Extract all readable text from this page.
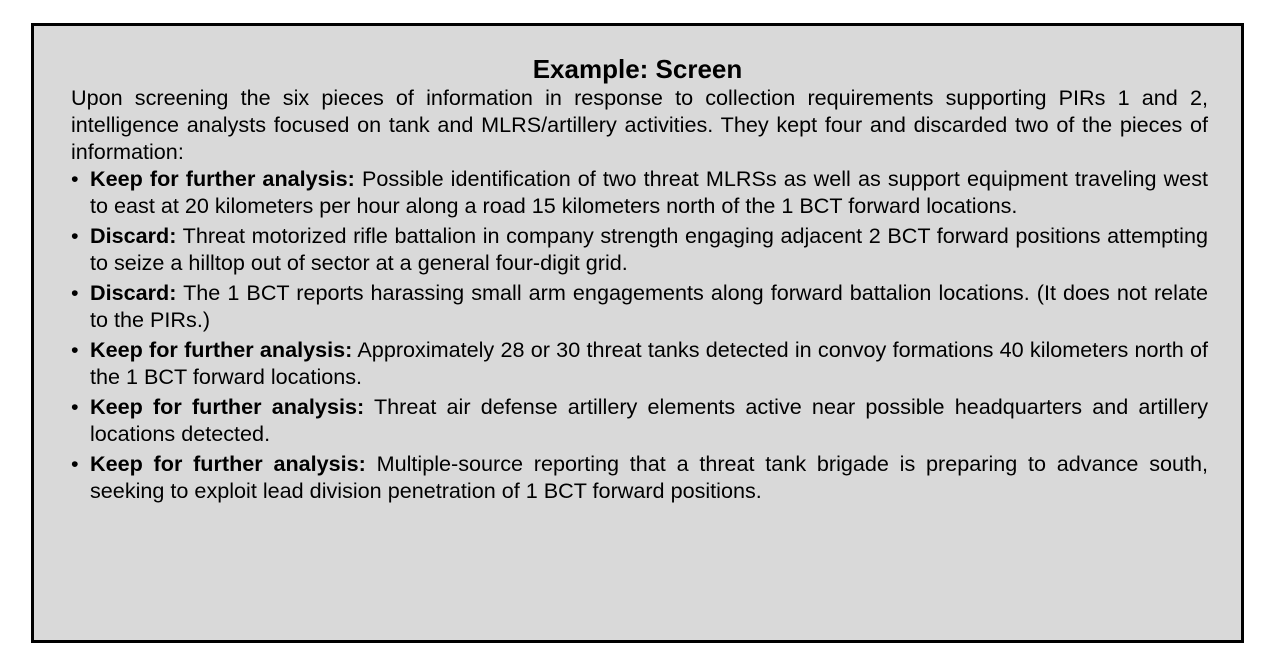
Example: Screen
Upon screening the six pieces of information in response to collection requirements supporting PIRs 1 and 2, intelligence analysts focused on tank and MLRS/artillery activities. They kept four and discarded two of the pieces of information:
• Keep for further analysis: Possible identification of two threat MLRSs as well as support equipment traveling west to east at 20 kilometers per hour along a road 15 kilometers north of the 1 BCT forward locations.
• Discard: Threat motorized rifle battalion in company strength engaging adjacent 2 BCT forward positions attempting to seize a hilltop out of sector at a general four-digit grid.
• Discard: The 1 BCT reports harassing small arm engagements along forward battalion locations. (It does not relate to the PIRs.)
• Keep for further analysis: Approximately 28 or 30 threat tanks detected in convoy formations 40 kilometers north of the 1 BCT forward locations.
• Keep for further analysis: Threat air defense artillery elements active near possible headquarters and artillery locations detected.
• Keep for further analysis: Multiple-source reporting that a threat tank brigade is preparing to advance south, seeking to exploit lead division penetration of 1 BCT forward positions.
